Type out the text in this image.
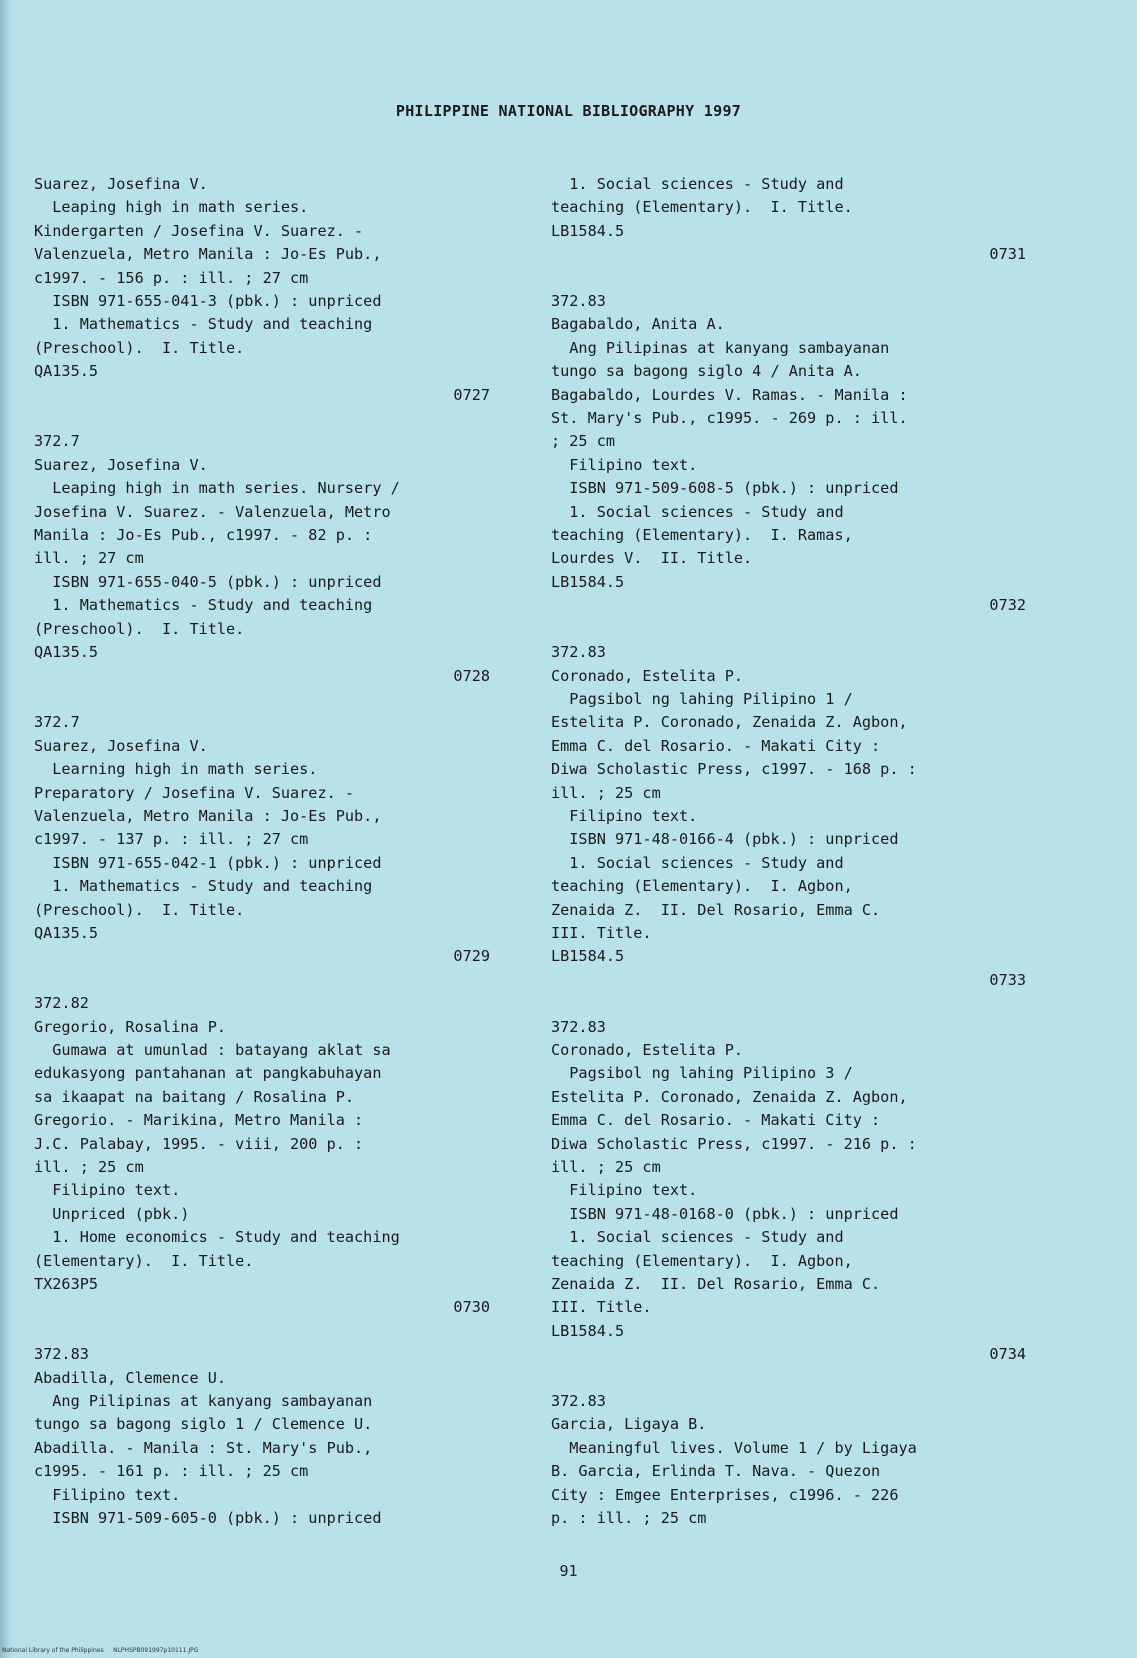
PHILIPPINE NATIONAL BIBLIOGRAPHY 1997
Suarez, Josefina V.
Leaping high in math series.
Kindergarten / Josefina V. Suarez. -
Valenzuela, Metro Manila : Jo-Es Pub.,
c1997. - 156 p. : ill. ; 27 cm
ISBN 971-655-041-3 (pbk.) : unpriced
1. Mathematics - Study and teaching
(Preschool).  I. Title.
QA135.5
0727
372.7
Suarez, Josefina V.
Leaping high in math series. Nursery /
Josefina V. Suarez. - Valenzuela, Metro
Manila : Jo-Es Pub., c1997. - 82 p. :
ill. ; 27 cm
ISBN 971-655-040-5 (pbk.) : unpriced
1. Mathematics - Study and teaching
(Preschool).  I. Title.
QA135.5
0728
372.7
Suarez, Josefina V.
Learning high in math series.
Preparatory / Josefina V. Suarez. -
Valenzuela, Metro Manila : Jo-Es Pub.,
c1997. - 137 p. : ill. ; 27 cm
ISBN 971-655-042-1 (pbk.) : unpriced
1. Mathematics - Study and teaching
(Preschool).  I. Title.
QA135.5
0729
372.82
Gregorio, Rosalina P.
Gumawa at umunlad : batayang aklat sa
edukasyong pantahanan at pangkabuhayan
sa ikaapat na baitang / Rosalina P.
Gregorio. - Marikina, Metro Manila :
J.C. Palabay, 1995. - viii, 200 p. :
ill. ; 25 cm
Filipino text.
Unpriced (pbk.)
1. Home economics - Study and teaching
(Elementary).  I. Title.
TX263P5
0730
372.83
Abadilla, Clemence U.
Ang Pilipinas at kanyang sambayanan
tungo sa bagong siglo 1 / Clemence U.
Abadilla. - Manila : St. Mary's Pub.,
c1995. - 161 p. : ill. ; 25 cm
Filipino text.
ISBN 971-509-605-0 (pbk.) : unpriced
1. Social sciences - Study and
teaching (Elementary).  I. Title.
LB1584.5
0731
372.83
Bagabaldo, Anita A.
Ang Pilipinas at kanyang sambayanan
tungo sa bagong siglo 4 / Anita A.
Bagabaldo, Lourdes V. Ramas. - Manila :
St. Mary's Pub., c1995. - 269 p. : ill.
; 25 cm
Filipino text.
ISBN 971-509-608-5 (pbk.) : unpriced
1. Social sciences - Study and
teaching (Elementary).  I. Ramas,
Lourdes V.  II. Title.
LB1584.5
0732
372.83
Coronado, Estelita P.
Pagsibol ng lahing Pilipino 1 /
Estelita P. Coronado, Zenaida Z. Agbon,
Emma C. del Rosario. - Makati City :
Diwa Scholastic Press, c1997. - 168 p. :
ill. ; 25 cm
Filipino text.
ISBN 971-48-0166-4 (pbk.) : unpriced
1. Social sciences - Study and
teaching (Elementary).  I. Agbon,
Zenaida Z.  II. Del Rosario, Emma C.
III. Title.
LB1584.5
0733
372.83
Coronado, Estelita P.
Pagsibol ng lahing Pilipino 3 /
Estelita P. Coronado, Zenaida Z. Agbon,
Emma C. del Rosario. - Makati City :
Diwa Scholastic Press, c1997. - 216 p. :
ill. ; 25 cm
Filipino text.
ISBN 971-48-0168-0 (pbk.) : unpriced
1. Social sciences - Study and
teaching (Elementary).  I. Agbon,
Zenaida Z.  II. Del Rosario, Emma C.
III. Title.
LB1584.5
0734
372.83
Garcia, Ligaya B.
Meaningful lives. Volume 1 / by Ligaya
B. Garcia, Erlinda T. Nava. - Quezon
City : Emgee Enterprises, c1996. - 226
p. : ill. ; 25 cm
91
National Library of the Philippines     NLPHSPB091997p10111.JPG
